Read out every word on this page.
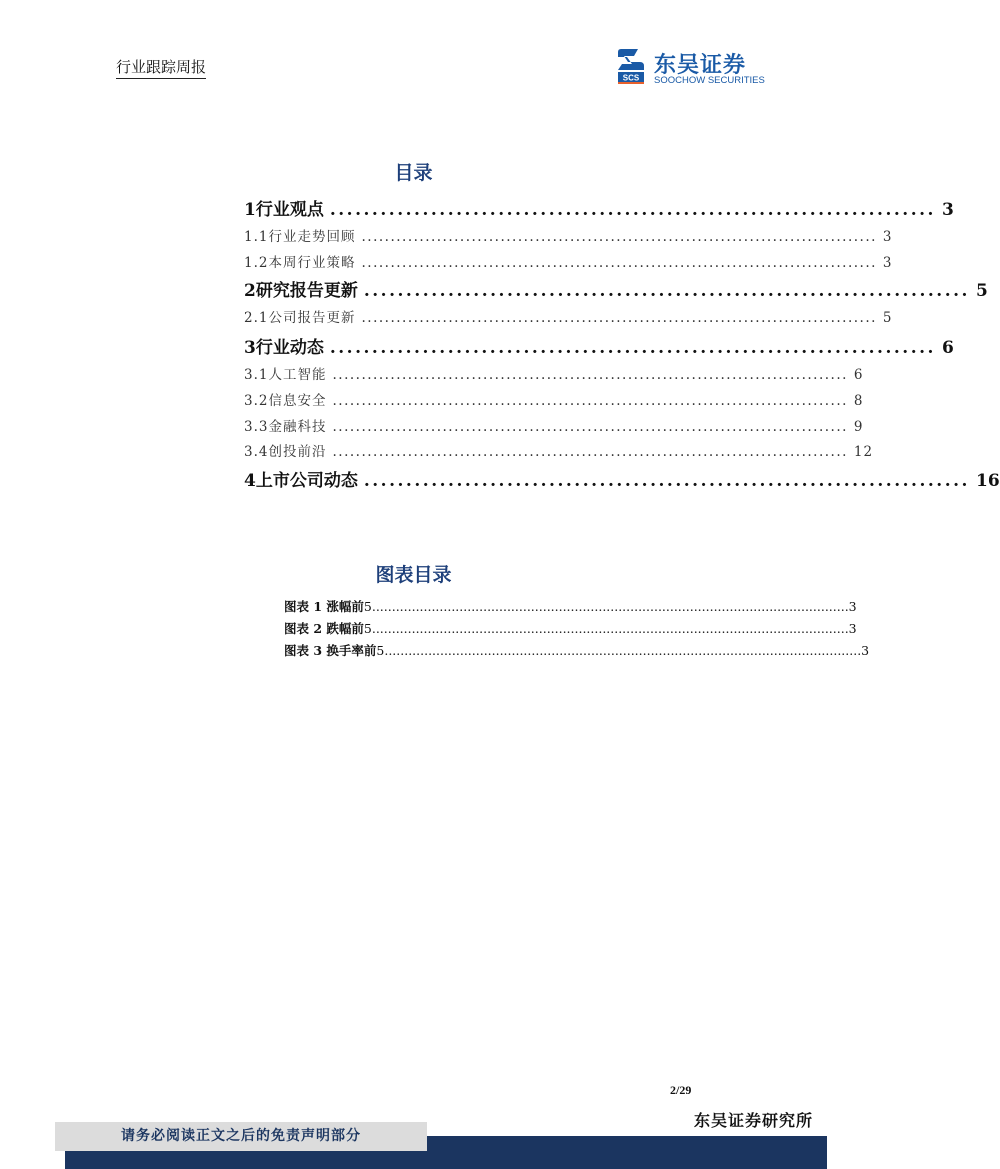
行业跟踪周报
SCS 东吴证券
SOOCHOW SECURITIES
目录
1 行业观点 ........................................................................ 3
1.1 行业走势回顾 ......................................................................................... 3
1.2 本周行业策略 ......................................................................................... 3
2 研究报告更新 ........................................................................ 5
2.1 公司报告更新 ......................................................................................... 5
3 行业动态 ........................................................................ 6
3.1 人工智能 ......................................................................................... 6
3.2 信息安全 ......................................................................................... 8
3.3 金融科技 ......................................................................................... 9
3.4 创投前沿 ......................................................................................... 12
4 上市公司动态 ........................................................................ 16
图表目录
图表 1 涨幅前 5 ........................................................................................................................ 3
图表 2 跌幅前 5 ........................................................................................................................ 3
图表 3 换手率前 5 ........................................................................................................................ 3
2/29
东吴证券研究所
请务必阅读正文之后的免责声明部分
